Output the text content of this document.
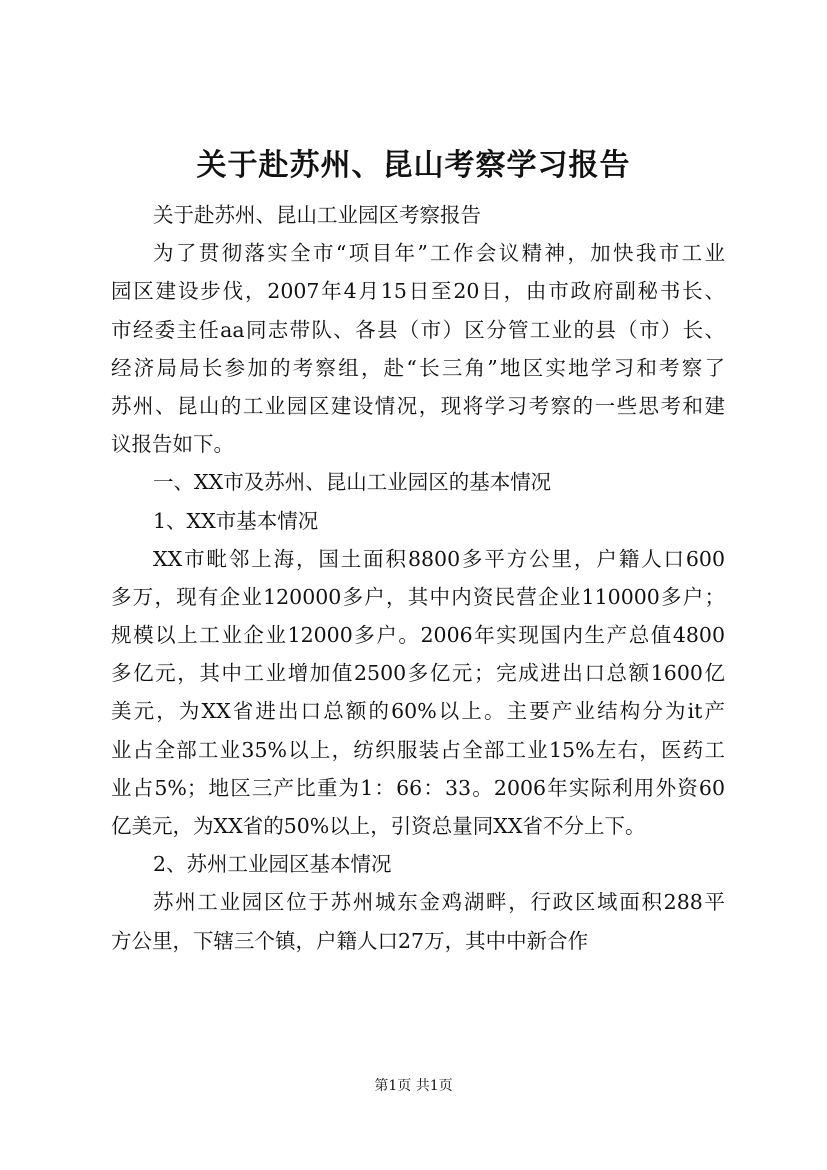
关于赴苏州、昆山考察学习报告
关于赴苏州、昆山工业园区考察报告
为了贯彻落实全市“项目年”工作会议精神，加快我市工业
园区建设步伐，2007年4月15日至20日，由市政府副秘书长、
市经委主任aa同志带队、各县（市）区分管工业的县（市）长、
经济局局长参加的考察组，赴“长三角”地区实地学习和考察了
苏州、昆山的工业园区建设情况，现将学习考察的一些思考和建
议报告如下。
一、XX市及苏州、昆山工业园区的基本情况
1、XX市基本情况
XX市毗邻上海，国土面积8800多平方公里，户籍人口600
多万，现有企业120000多户，其中内资民营企业110000多户；
规模以上工业企业12000多户。2006年实现国内生产总值4800
多亿元，其中工业增加值2500多亿元；完成进出口总额1600亿
美元，为XX省进出口总额的60%以上。主要产业结构分为it产
业占全部工业35%以上，纺织服装占全部工业15%左右，医药工
业占5%；地区三产比重为1：66：33。2006年实际利用外资60
亿美元，为XX省的50%以上，引资总量同XX省不分上下。
2、苏州工业园区基本情况
苏州工业园区位于苏州城东金鸡湖畔，行政区域面积288平
方公里，下辖三个镇，户籍人口27万，其中中新合作
第1页 共1页
